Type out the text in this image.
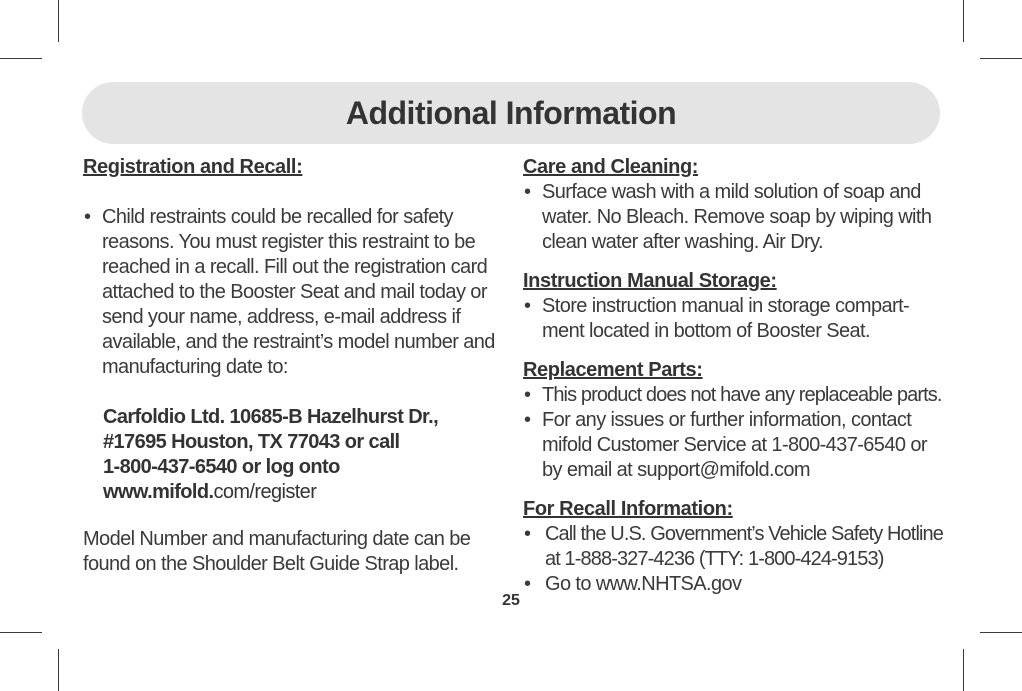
Additional Information
Registration and Recall:
• Child restraints could be recalled for safety reasons. You must register this restraint to be reached in a recall. Fill out the registration card attached to the Booster Seat and mail today or send your name, address, e-mail address if available, and the restraint’s model number and manufacturing date to:
Carfoldio Ltd. 10685-B Hazelhurst Dr.,
#17695 Houston, TX 77043 or call
1-800-437-6540 or log onto
www.mifold.com/register
Model Number and manufacturing date can be found on the Shoulder Belt Guide Strap label.
Care and Cleaning:
• Surface wash with a mild solution of soap and water. No Bleach. Remove soap by wiping with clean water after washing. Air Dry.
Instruction Manual Storage:
• Store instruction manual in storage compart-ment located in bottom of Booster Seat.
Replacement Parts:
• This product does not have any replaceable parts.
• For any issues or further information, contact mifold Customer Service at 1-800-437-6540 or by email at support@mifold.com
For Recall Information:
• Call the U.S. Government’s Vehicle Safety Hotline at 1-888-327-4236 (TTY: 1-800-424-9153)
• Go to www.NHTSA.gov
25
